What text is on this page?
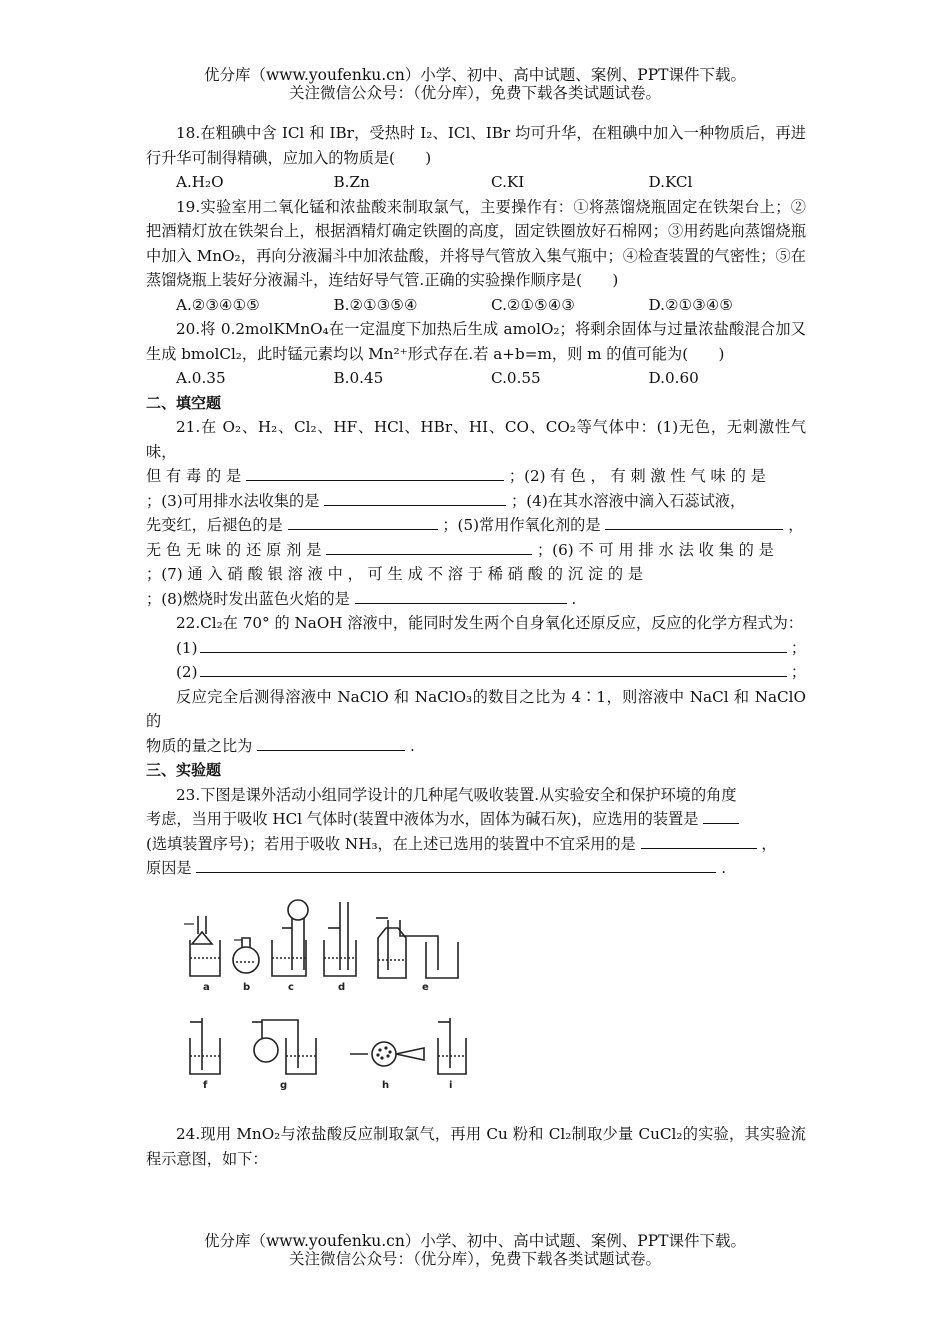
优分库（www.youfenku.cn）小学、初中、高中试题、案例、PPT课件下载。
关注微信公众号：（优分库），免费下载各类试题试卷。

18.在粗碘中含 ICl 和 IBr，受热时 I₂、ICl、IBr 均可升华，在粗碘中加入一种物质后，再进行升华可制得精碘，应加入的物质是(　　)

A.H₂O	B.Zn	C.KI	D.KCl

19.实验室用二氧化锰和浓盐酸来制取氯气，主要操作有：①将蒸馏烧瓶固定在铁架台上；②把酒精灯放在铁架台上，根据酒精灯确定铁圈的高度，固定铁圈放好石棉网；③用药匙向蒸馏烧瓶中加入 MnO₂，再向分液漏斗中加浓盐酸，并将导气管放入集气瓶中；④检查装置的气密性；⑤在蒸馏烧瓶上装好分液漏斗，连结好导气管.正确的实验操作顺序是(　　)

A.②③④①⑤	B.②①③⑤④	C.②①⑤④③	D.②①③④⑤

20.将 0.2molKMnO₄在一定温度下加热后生成 amolO₂；将剩余固体与过量浓盐酸混合加又生成 bmolCl₂，此时锰元素均以 Mn²⁺形式存在.若 a+b=m，则 m 的值可能为(　　)

A.0.35	B.0.45	C.0.55	D.0.60
二、填空题

21.在 O₂、H₂、Cl₂、HF、HCl、HBr、HI、CO、CO₂等气体中：(1)无色，无刺激性气味，

但 有 毒 的 是	；(2) 有 色 ， 有 刺 激 性 气 味 的 是

；(3)可用排水法收集的是	；(4)在其水溶液中滴入石蕊试液，

先变红，后褪色的是	；(5)常用作氧化剂的是	，

无 色 无 味 的 还 原 剂 是	；(6) 不 可 用 排 水 法 收 集 的 是

；(7) 通 入 硝 酸 银 溶 液 中 ， 可 生 成 不 溶 于 稀 硝 酸 的 沉 淀 的 是

；(8)燃烧时发出蓝色火焰的是	.

22.Cl₂在 70° 的 NaOH 溶液中，能同时发生两个自身氧化还原反应，反应的化学方程式为：

(1)	；
(2)	；

反应完全后测得溶液中 NaClO 和 NaClO₃的数目之比为 4∶1，则溶液中 NaCl 和 NaClO 的

物质的量之比为	.

三、实验题

23.下图是课外活动小组同学设计的几种尾气吸收装置.从实验安全和保护环境的角度

考虑，当用于吸收 HCl 气体时(装置中液体为水，固体为碱石灰)，应选用的装置是

(选填装置序号)；若用于吸收 NH₃，在上述已选用的装置中不宜采用的是	，

原因是	.

a	b	c	d	e
f	g	h	i

24.现用 MnO₂与浓盐酸反应制取氯气，再用 Cu 粉和 Cl₂制取少量 CuCl₂的实验，其实验流程示意图，如下：

优分库（www.youfenku.cn）小学、初中、高中试题、案例、PPT课件下载。
关注微信公众号：（优分库），免费下载各类试题试卷。
